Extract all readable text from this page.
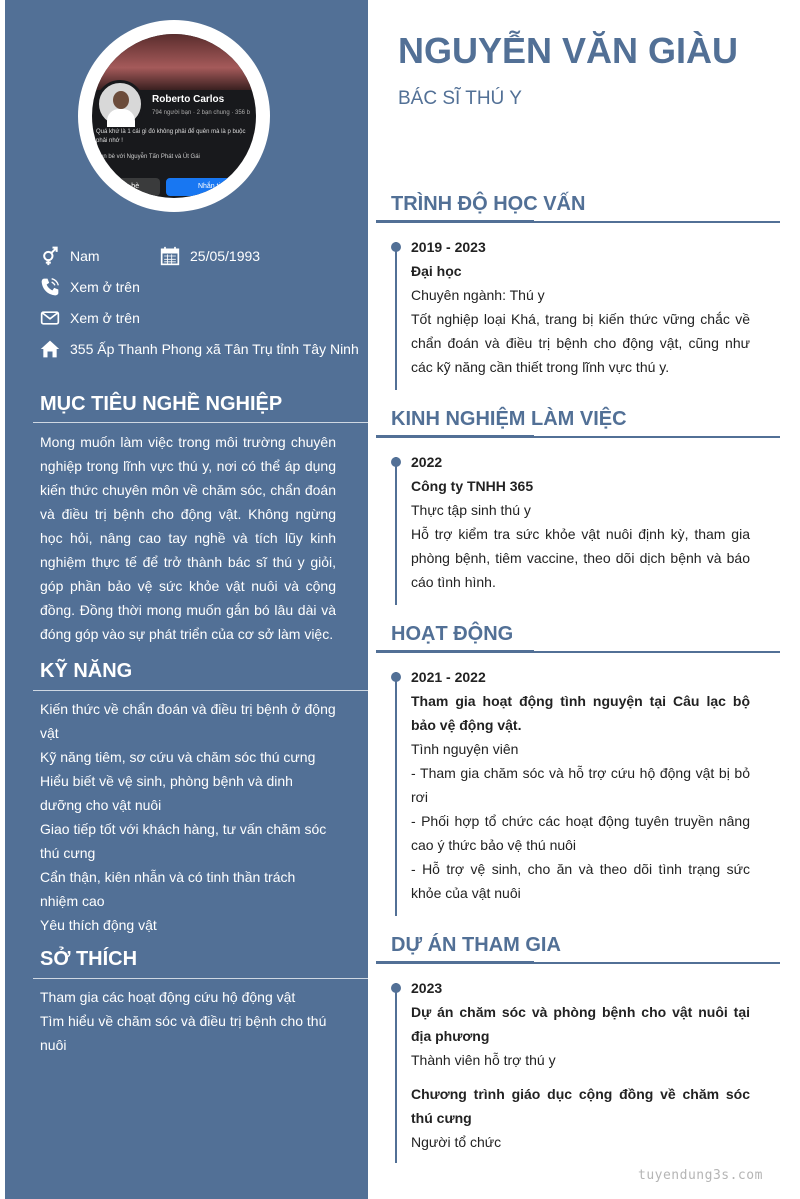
Roberto Carlos
794 người bạn · 2 bạn chung · 356 b
Quá khứ là 1 cái gì đó không phải để quên mà là p buộc phải nhớ !
Bạn bè với Nguyễn Tấn Phát và Út Gái
Bạn bè	Nhắn tin
Nam	25/05/1993
Xem ở trên
Xem ở trên
355 Ấp Thanh Phong xã Tân Trụ tỉnh Tây Ninh
MỤC TIÊU NGHỀ NGHIỆP
Mong muốn làm việc trong môi trường chuyên nghiệp trong lĩnh vực thú y, nơi có thể áp dụng kiến thức chuyên môn về chăm sóc, chẩn đoán và điều trị bệnh cho động vật. Không ngừng học hỏi, nâng cao tay nghề và tích lũy kinh nghiệm thực tế để trở thành bác sĩ thú y giỏi, góp phần bảo vệ sức khỏe vật nuôi và cộng đồng. Đồng thời mong muốn gắn bó lâu dài và đóng góp vào sự phát triển của cơ sở làm việc.
KỸ NĂNG
Kiến thức về chẩn đoán và điều trị bệnh ở động vật
Kỹ năng tiêm, sơ cứu và chăm sóc thú cưng
Hiểu biết về vệ sinh, phòng bệnh và dinh dưỡng cho vật nuôi
Giao tiếp tốt với khách hàng, tư vấn chăm sóc thú cưng
Cẩn thận, kiên nhẫn và có tinh thần trách nhiệm cao
Yêu thích động vật
SỞ THÍCH
Tham gia các hoạt động cứu hộ động vật
Tìm hiểu về chăm sóc và điều trị bệnh cho thú nuôi
NGUYỄN VĂN GIÀU
BÁC SĨ THÚ Y
TRÌNH ĐỘ HỌC VẤN
2019 - 2023
Đại học
Chuyên ngành: Thú y
Tốt nghiệp loại Khá, trang bị kiến thức vững chắc về chẩn đoán và điều trị bệnh cho động vật, cũng như các kỹ năng cần thiết trong lĩnh vực thú y.
KINH NGHIỆM LÀM VIỆC
2022
Công ty TNHH 365
Thực tập sinh thú y
Hỗ trợ kiểm tra sức khỏe vật nuôi định kỳ, tham gia phòng bệnh, tiêm vaccine, theo dõi dịch bệnh và báo cáo tình hình.
HOẠT ĐỘNG
2021 - 2022
Tham gia hoạt động tình nguyện tại Câu lạc bộ bảo vệ động vật.
Tình nguyện viên
- Tham gia chăm sóc và hỗ trợ cứu hộ động vật bị bỏ rơi
- Phối hợp tổ chức các hoạt động tuyên truyền nâng cao ý thức bảo vệ thú nuôi
- Hỗ trợ vệ sinh, cho ăn và theo dõi tình trạng sức khỏe của vật nuôi
DỰ ÁN THAM GIA
2023
Dự án chăm sóc và phòng bệnh cho vật nuôi tại địa phương
Thành viên hỗ trợ thú y
Chương trình giáo dục cộng đồng về chăm sóc thú cưng
Người tổ chức
tuyendung3s.com
